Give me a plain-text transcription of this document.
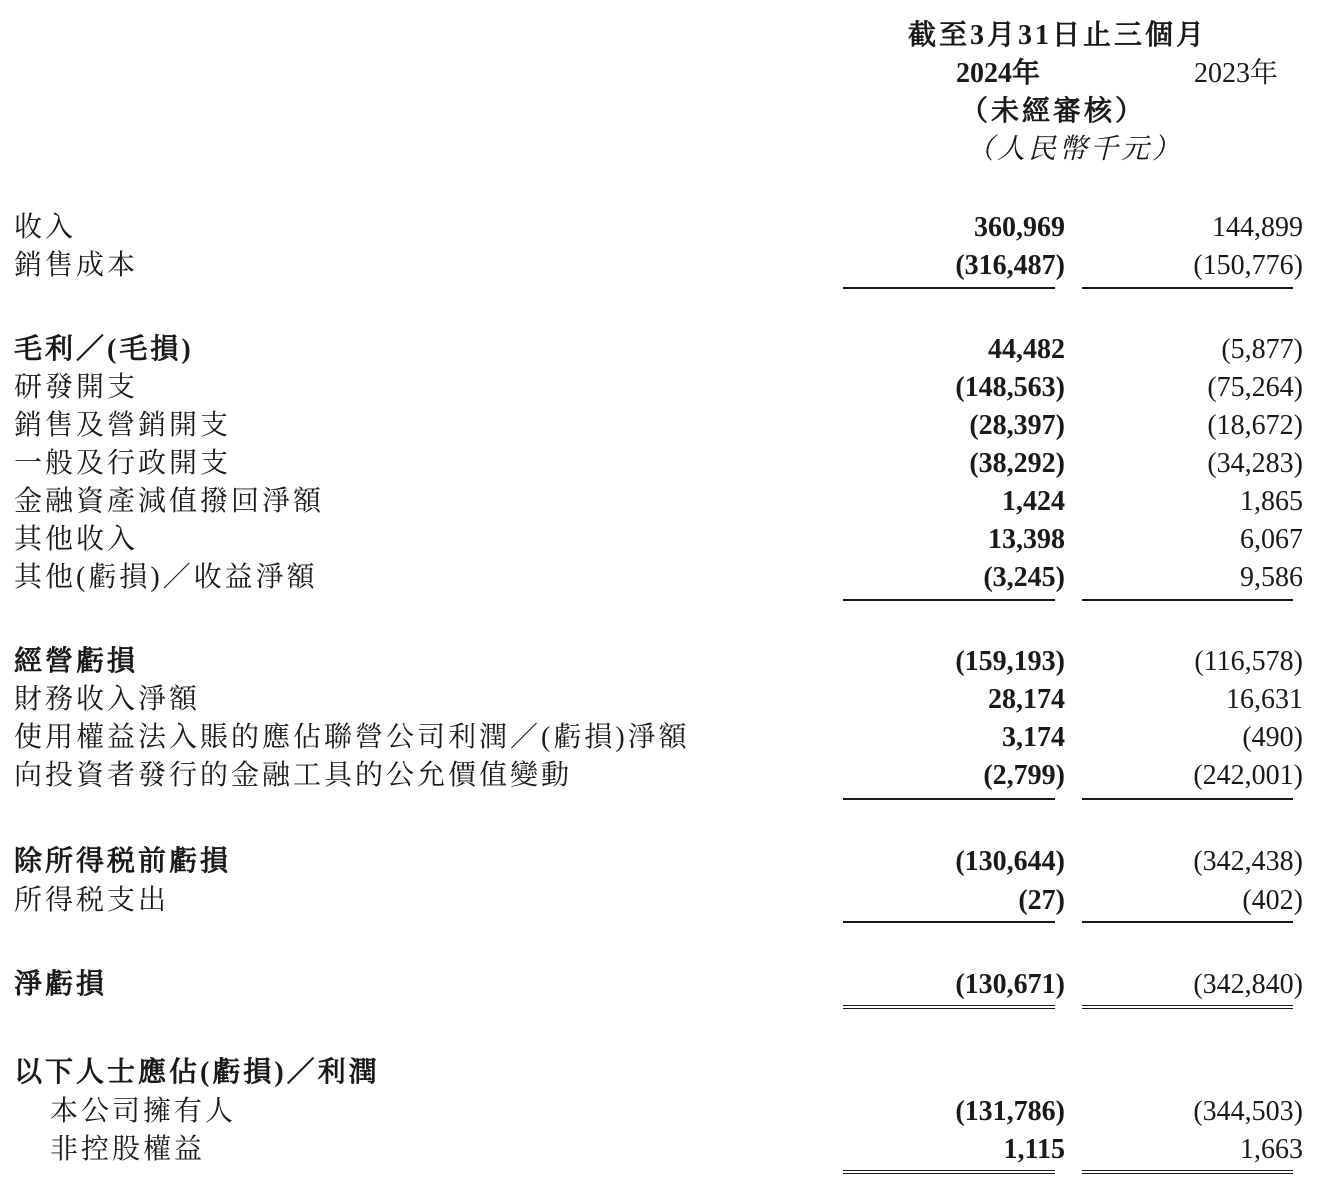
截至3月31日止三個月
2024年	2023年
（未經審核）
（人民幣千元）
收入	360,969	144,899
銷售成本	(316,487)	(150,776)
毛利／(毛損)	44,482	(5,877)
研發開支	(148,563)	(75,264)
銷售及營銷開支	(28,397)	(18,672)
一般及行政開支	(38,292)	(34,283)
金融資產減值撥回淨額	1,424	1,865
其他收入	13,398	6,067
其他(虧損)／收益淨額	(3,245)	9,586
經營虧損	(159,193)	(116,578)
財務收入淨額	28,174	16,631
使用權益法入賬的應佔聯營公司利潤／(虧損)淨額	3,174	(490)
向投資者發行的金融工具的公允價值變動	(2,799)	(242,001)
除所得税前虧損	(130,644)	(342,438)
所得税支出	(27)	(402)
淨虧損	(130,671)	(342,840)
以下人士應佔(虧損)／利潤
本公司擁有人	(131,786)	(344,503)
非控股權益	1,115	1,663
